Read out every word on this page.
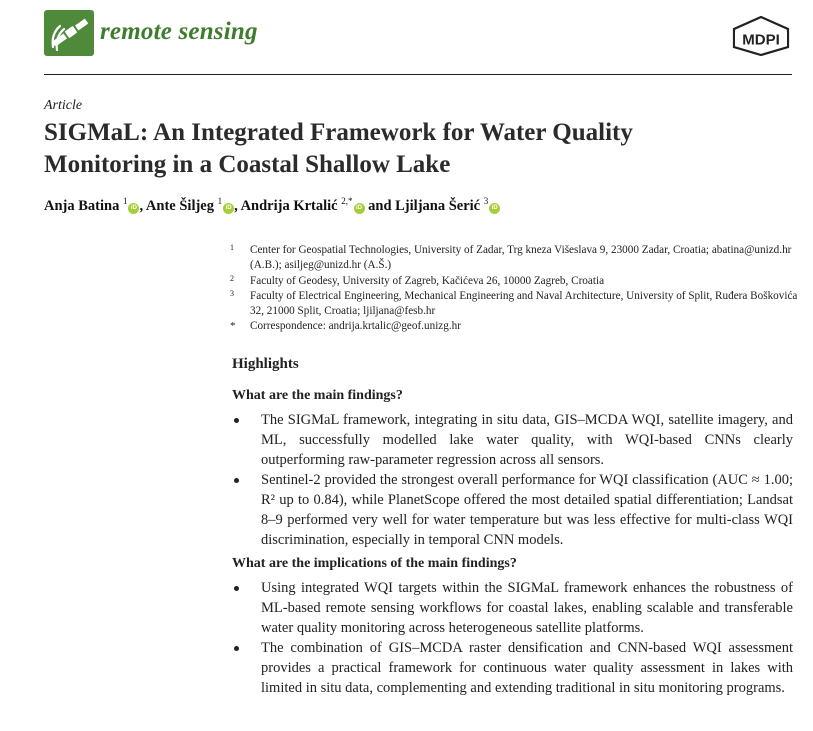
remote sensing	MDPI
Article
SIGMaL: An Integrated Framework for Water Quality Monitoring in a Coastal Shallow Lake
Anja Batina $^1$iD , Ante Šiljeg $^1$iD , Andrija Krtalić $^{2,*}$iD and Ljiljana Šerić $^3$iD
1 Center for Geospatial Technologies, University of Zadar, Trg kneza Višeslava 9, 23000 Zadar, Croatia; abatina@unizd.hr (A.B.); asiljeg@unizd.hr (A.Š.)
2 Faculty of Geodesy, University of Zagreb, Kačićeva 26, 10000 Zagreb, Croatia
3 Faculty of Electrical Engineering, Mechanical Engineering and Naval Architecture, University of Split, Ruđera Boškovića 32, 21000 Split, Croatia; ljiljana@fesb.hr
* Correspondence: andrija.krtalic@geof.unizg.hr
Highlights
What are the main findings?
The SIGMaL framework, integrating in situ data, GIS–MCDA WQI, satellite imagery, and ML, successfully modelled lake water quality, with WQI-based CNNs clearly outperforming raw-parameter regression across all sensors.
Sentinel-2 provided the strongest overall performance for WQI classification (AUC ≈ 1.00; R² up to 0.84), while PlanetScope offered the most detailed spatial differentiation; Landsat 8–9 performed very well for water temperature but was less effective for multi-class WQI discrimination, especially in temporal CNN models.
What are the implications of the main findings?
Using integrated WQI targets within the SIGMaL framework enhances the robustness of ML-based remote sensing workflows for coastal lakes, enabling scalable and transferable water quality monitoring across heterogeneous satellite platforms.
The combination of GIS–MCDA raster densification and CNN-based WQI assessment provides a practical framework for continuous water quality assessment in lakes with limited in situ data, complementing and extending traditional in situ monitoring programs.
